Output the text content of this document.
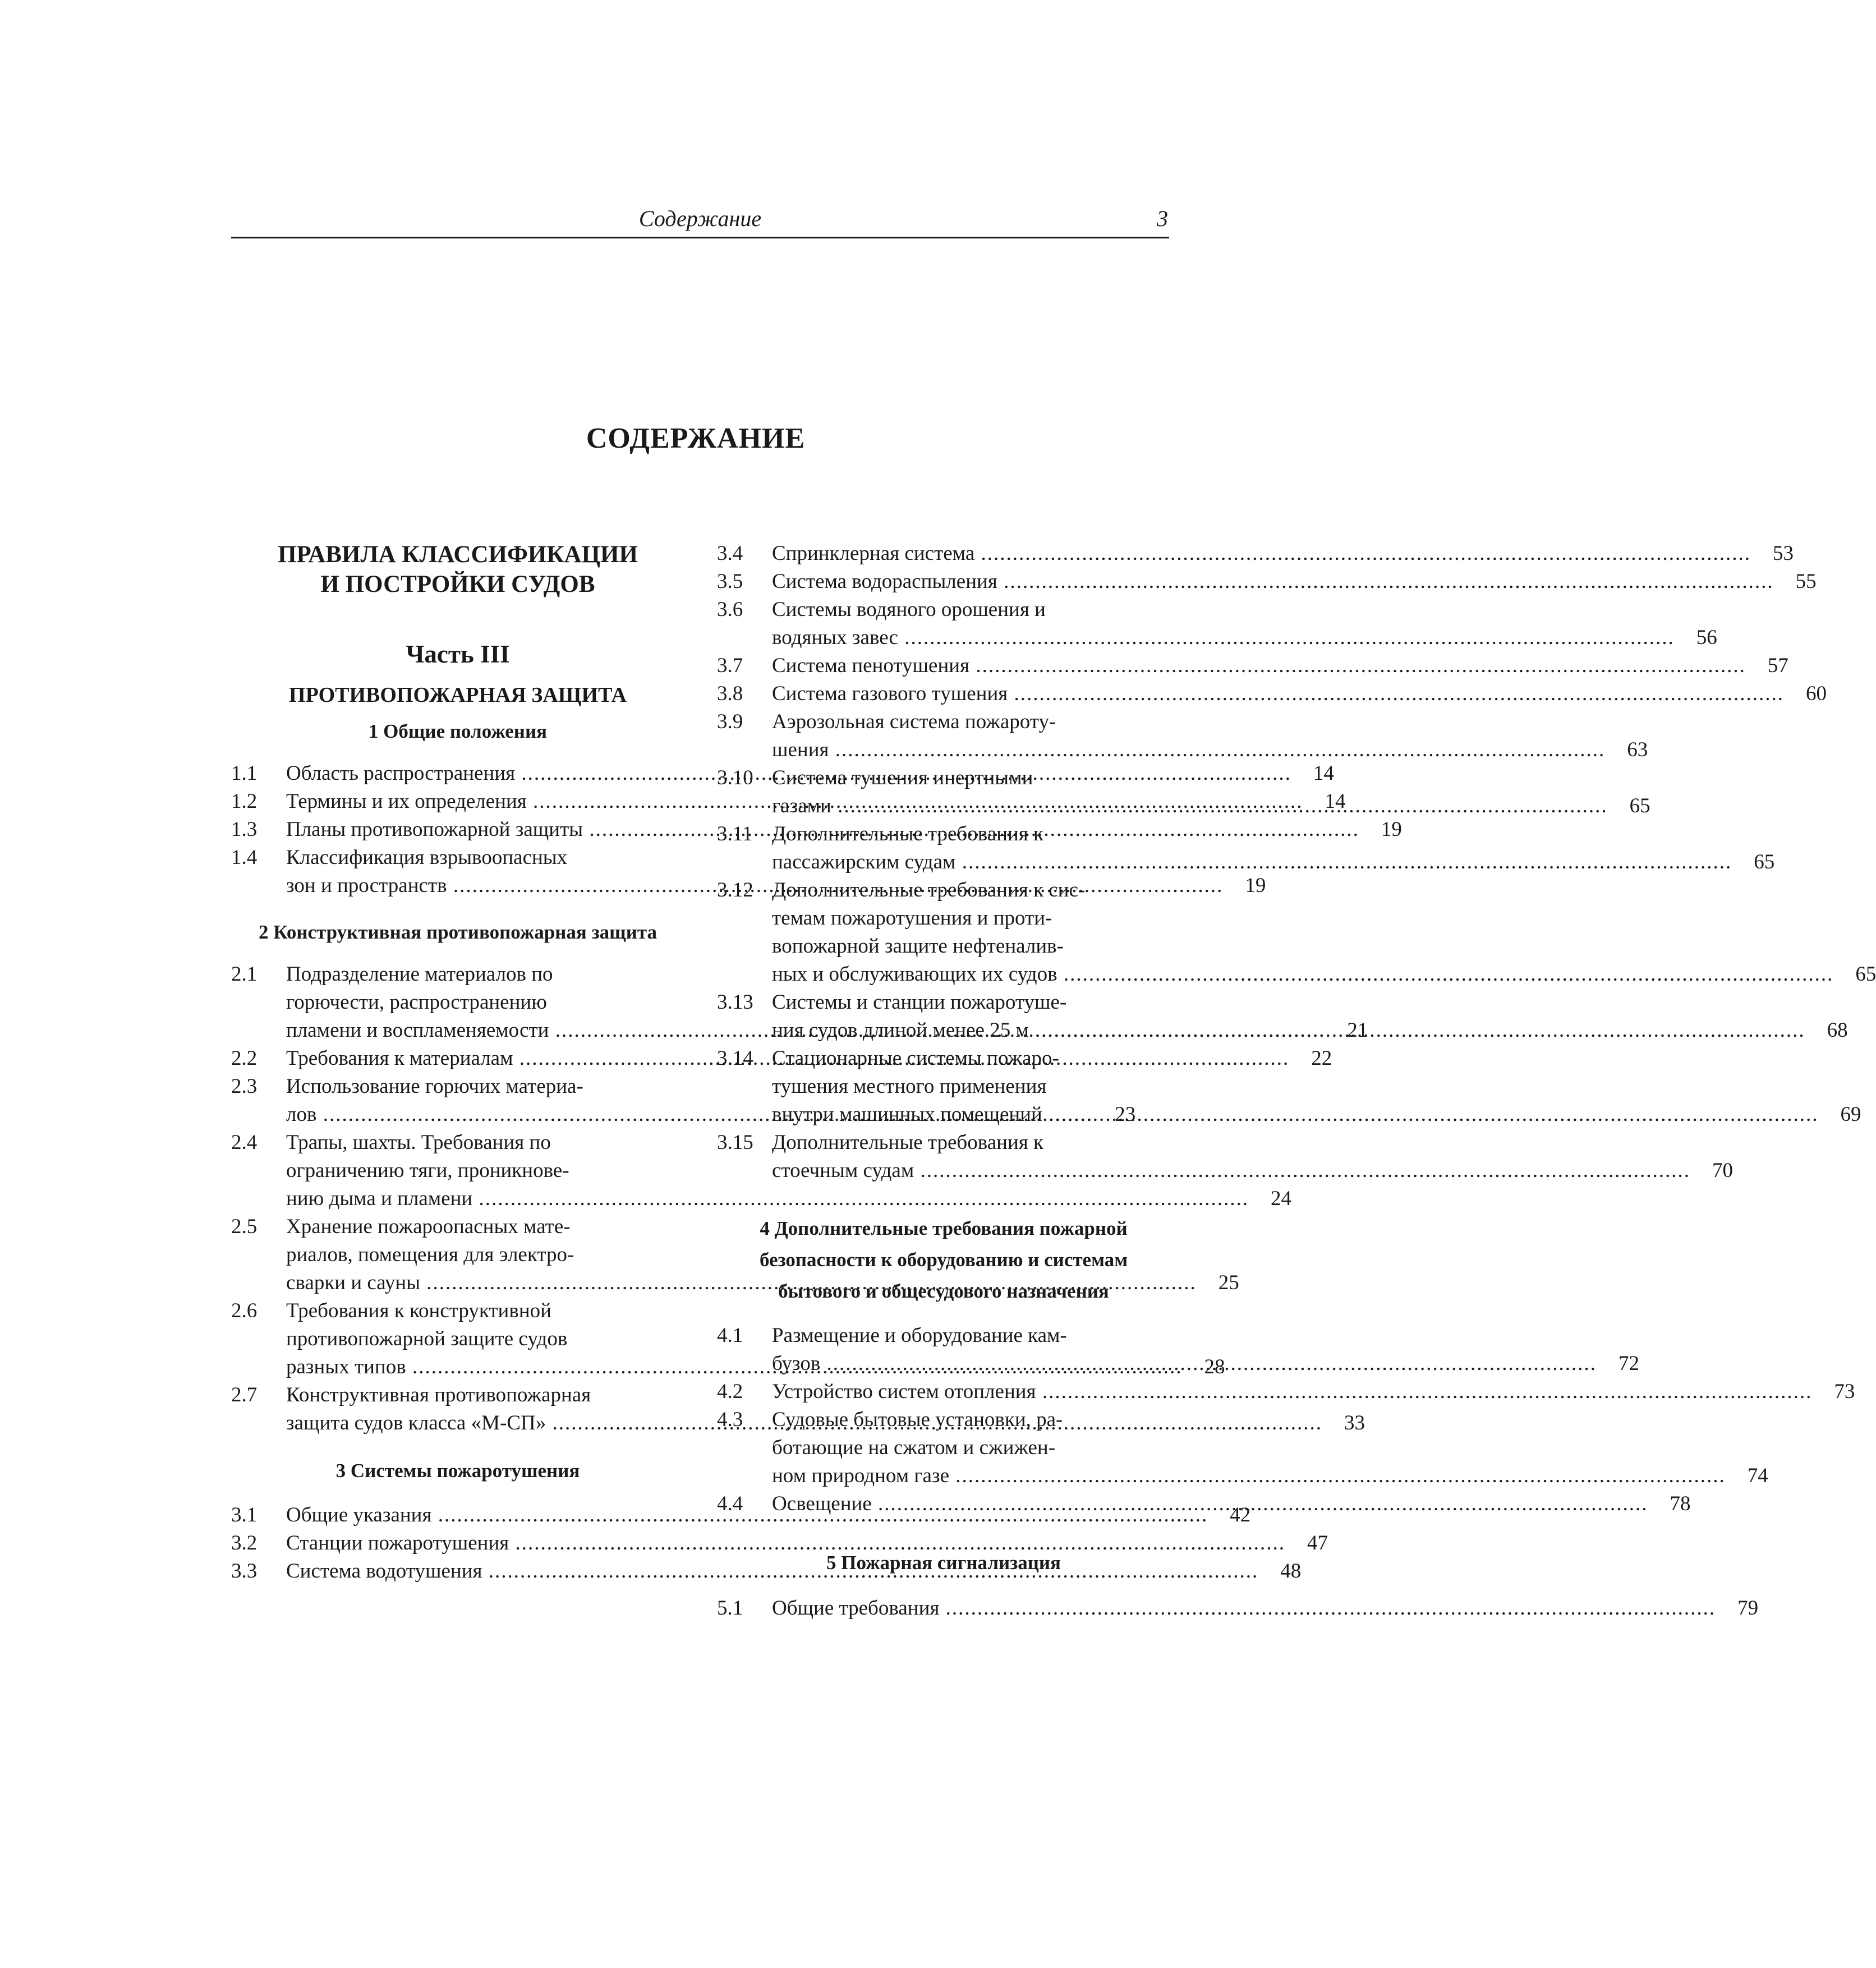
Содержание	3
СОДЕРЖАНИЕ
ПРАВИЛА КЛАССИФИКАЦИИ
И ПОСТРОЙКИ СУДОВ
Часть III
ПРОТИВОПОЖАРНАЯ ЗАЩИТА
1 Общие положения
1.1	Область распространения .....	14
1.2	Термины и их определения .....	14
1.3	Планы противопожарной защиты .....	19
1.4	Классификация взрывоопасных
зон и пространств .....	19
2 Конструктивная противопожарная защита
2.1	Подразделение материалов по
горючести, распространению
пламени и воспламеняемости .....	21
2.2	Требования к материалам .....	22
2.3	Использование горючих материа-
лов .....	23
2.4	Трапы, шахты. Требования по
ограничению тяги, проникнове-
нию дыма и пламени .....	24
2.5	Хранение пожароопасных мате-
риалов, помещения для электро-
сварки и сауны .....	25
2.6	Требования к конструктивной
противопожарной защите судов
разных типов .....	28
2.7	Конструктивная противопожарная
защита судов класса «М-СП» .....	33
3 Системы пожаротушения
3.1	Общие указания .....	42
3.2	Станции пожаротушения .....	47
3.3	Система водотушения .....	48
3.4	Спринклерная система .....	53
3.5	Система водораспыления .....	55
3.6	Системы водяного орошения и
водяных завес .....	56
3.7	Система пенотушения .....	57
3.8	Система газового тушения .....	60
3.9	Аэрозольная система пожароту-
шения .....	63
3.10 Система тушения инертными
газами .....	65
3.11 Дополнительные требования к
пассажирским судам .....	65
3.12 Дополнительные требования к сис-
темам пожаротушения и проти-
вопожарной защите нефтеналив-
ных и обслуживающих их судов .....	65
3.13 Системы и станции пожаротуше-
ния судов длиной менее 25 м .....	68
3.14 Стационарные системы пожаро-
тушения местного применения
внутри машинных помещений .....	69
3.15 Дополнительные требования к
стоечным судам .....	70
4 Дополнительные требования пожарной
безопасности к оборудованию и системам
бытового и общесудового назначения
4.1	Размещение и оборудование кам-
бузов .....	72
4.2	Устройство систем отопления .....	73
4.3	Судовые бытовые установки, ра-
ботающие на сжатом и сжижен-
ном природном газе .....	74
4.4	Освещение .....	78
5 Пожарная сигнализация
5.1	Общие требования .....	79
